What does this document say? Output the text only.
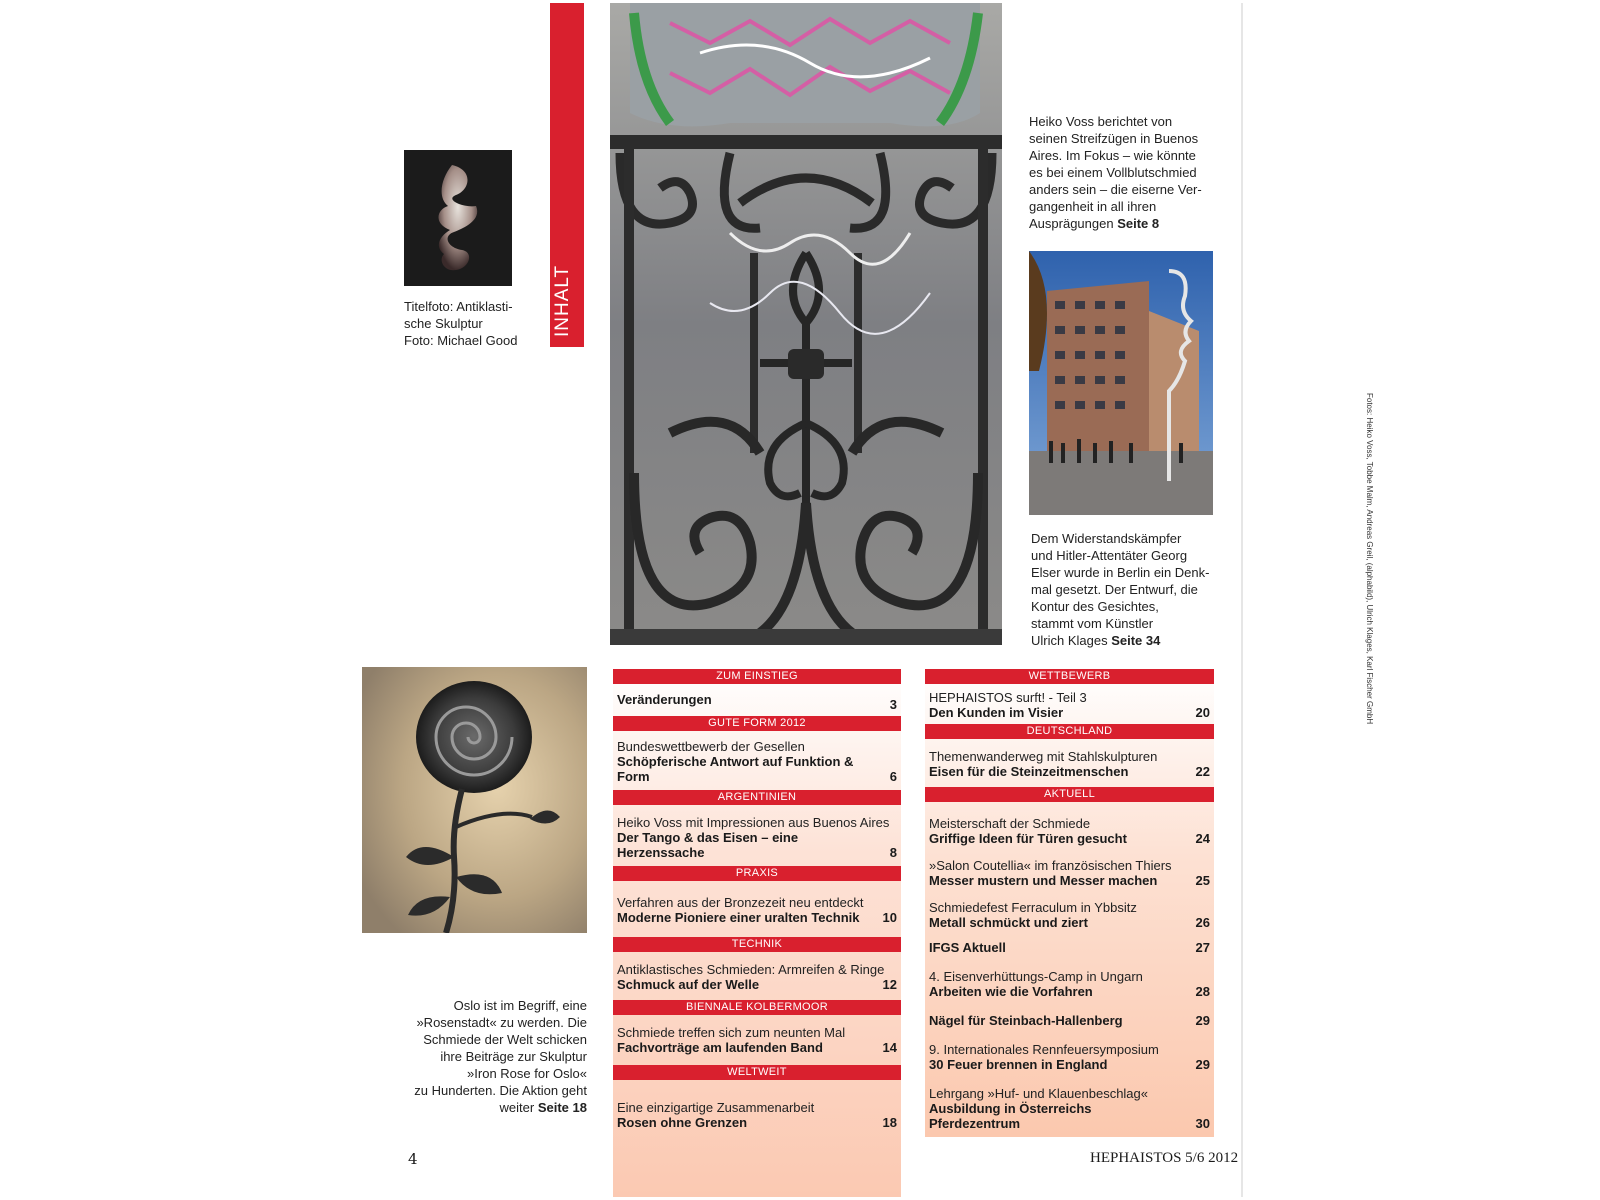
Titelfoto: Antiklasti-
sche Skulptur
Foto: Michael Good
INHALT
Fotos: Heiko Voss, Tobbe Malm, Andreas Greil, (alphabild), Ulrich Klages, Karl Fischer GmbH
Heiko Voss berichtet von
seinen Streifzügen in Buenos
Aires. Im Fokus – wie könnte
es bei einem Vollblutschmied
anders sein – die eiserne Ver-
gangenheit in all ihren
Ausprägungen Seite 8
Dem Widerstandskämpfer
und Hitler-Attentäter Georg
Elser wurde in Berlin ein Denk-
mal gesetzt. Der Entwurf, die
Kontur des Gesichtes,
stammt vom Künstler
Ulrich Klages Seite 34
Oslo ist im Begriff, eine
»Rosenstadt« zu werden. Die
Schmiede der Welt schicken
ihre Beiträge zur Skulptur
»Iron Rose for Oslo«
zu Hunderten. Die Aktion geht
weiter Seite 18
ZUM EINSTIEG
Veränderungen	3
GUTE FORM 2012
Bundeswettbewerb der Gesellen
Schöpferische Antwort auf Funktion & Form	6
ARGENTINIEN
Heiko Voss mit Impressionen aus Buenos Aires
Der Tango & das Eisen – eine Herzenssache	8
PRAXIS
Verfahren aus der Bronzezeit neu entdeckt
Moderne Pioniere einer uralten Technik	10
TECHNIK
Antiklastisches Schmieden: Armreifen & Ringe
Schmuck auf der Welle	12
BIENNALE KOLBERMOOR
Schmiede treffen sich zum neunten Mal
Fachvorträge am laufenden Band	14
WELTWEIT
Eine einzigartige Zusammenarbeit
Rosen ohne Grenzen	18
WETTBEWERB
HEPHAISTOS surft! - Teil 3
Den Kunden im Visier	20
DEUTSCHLAND
Themenwanderweg mit Stahlskulpturen
Eisen für die Steinzeitmenschen	22
AKTUELL
Meisterschaft der Schmiede
Griffige Ideen für Türen gesucht	24
»Salon Coutellia« im französischen Thiers
Messer mustern und Messer machen	25
Schmiedefest Ferraculum in Ybbsitz
Metall schmückt und ziert	26
IFGS Aktuell	27
4. Eisenverhüttungs-Camp in Ungarn
Arbeiten wie die Vorfahren	28
Nägel für Steinbach-Hallenberg	29
9. Internationales Rennfeuersymposium
30 Feuer brennen in England	29
Lehrgang »Huf- und Klauenbeschlag«
Ausbildung in Österreichs Pferdezentrum	30
4	HEPHAISTOS 5/6 2012
